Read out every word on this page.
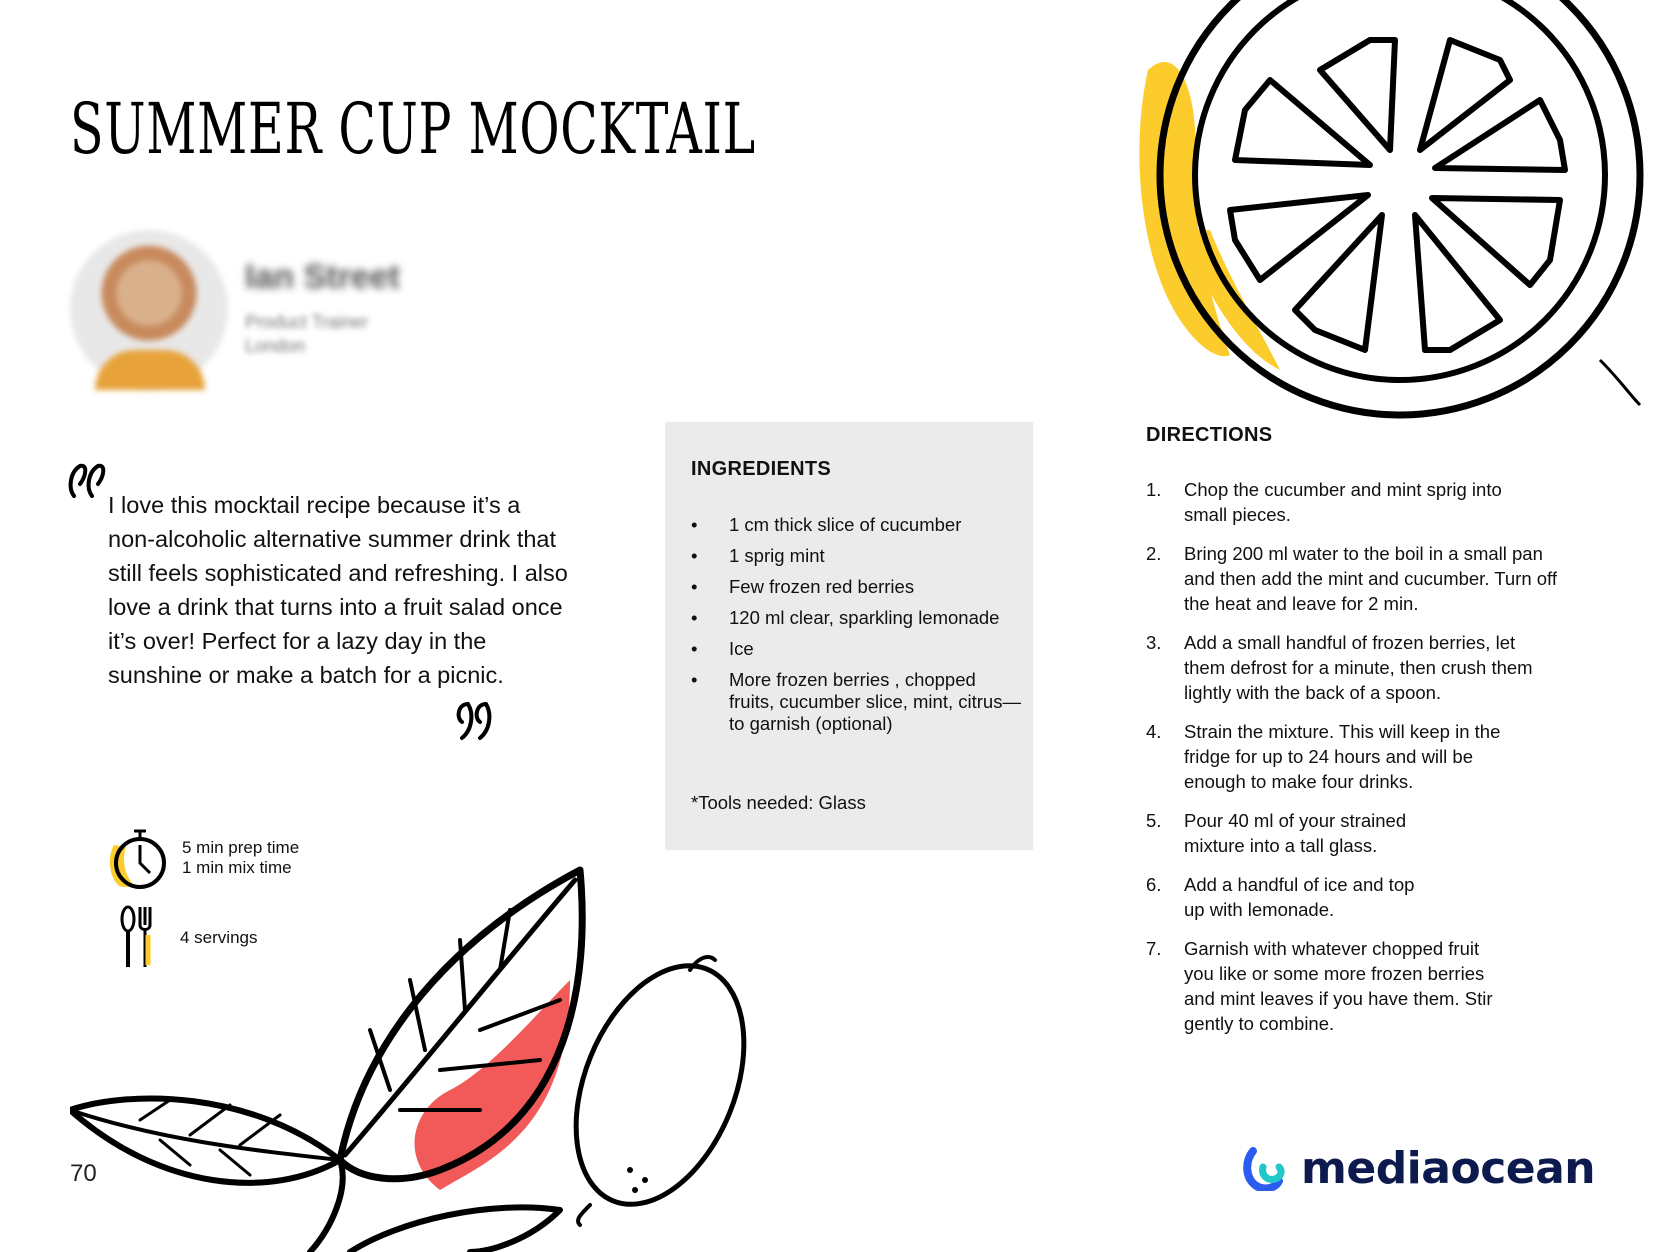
SUMMER CUP MOCKTAIL
Ian Street
Product Trainer
London

I love this mocktail recipe because it’s a non-alcoholic alternative summer drink that still feels sophisticated and refreshing. I also love a drink that turns into a fruit salad once it’s over! Perfect for a lazy day in the sunshine or make a batch for a picnic.

5 min prep time
1 min mix time
4 servings
INGREDIENTS
• 1 cm thick slice of cucumber
• 1 sprig mint
• Few frozen red berries
• 120 ml clear, sparkling lemonade
• Ice
• More frozen berries , chopped fruits, cucumber slice, mint, citrus—to garnish (optional)
*Tools needed: Glass
DIRECTIONS
1. Chop the cucumber and mint sprig into small pieces.
2. Bring 200 ml water to the boil in a small pan and then add the mint and cucumber. Turn off the heat and leave for 2 min.
3. Add a small handful of frozen berries, let them defrost for a minute, then crush them lightly with the back of a spoon.
4. Strain the mixture. This will keep in the fridge for up to 24 hours and will be enough to make four drinks.
5. Pour 40 ml of your strained mixture into a tall glass.
6. Add a handful of ice and top up with lemonade.
7. Garnish with whatever chopped fruit you like or some more frozen berries and mint leaves if you have them. Stir gently to combine.
70	mediaocean
